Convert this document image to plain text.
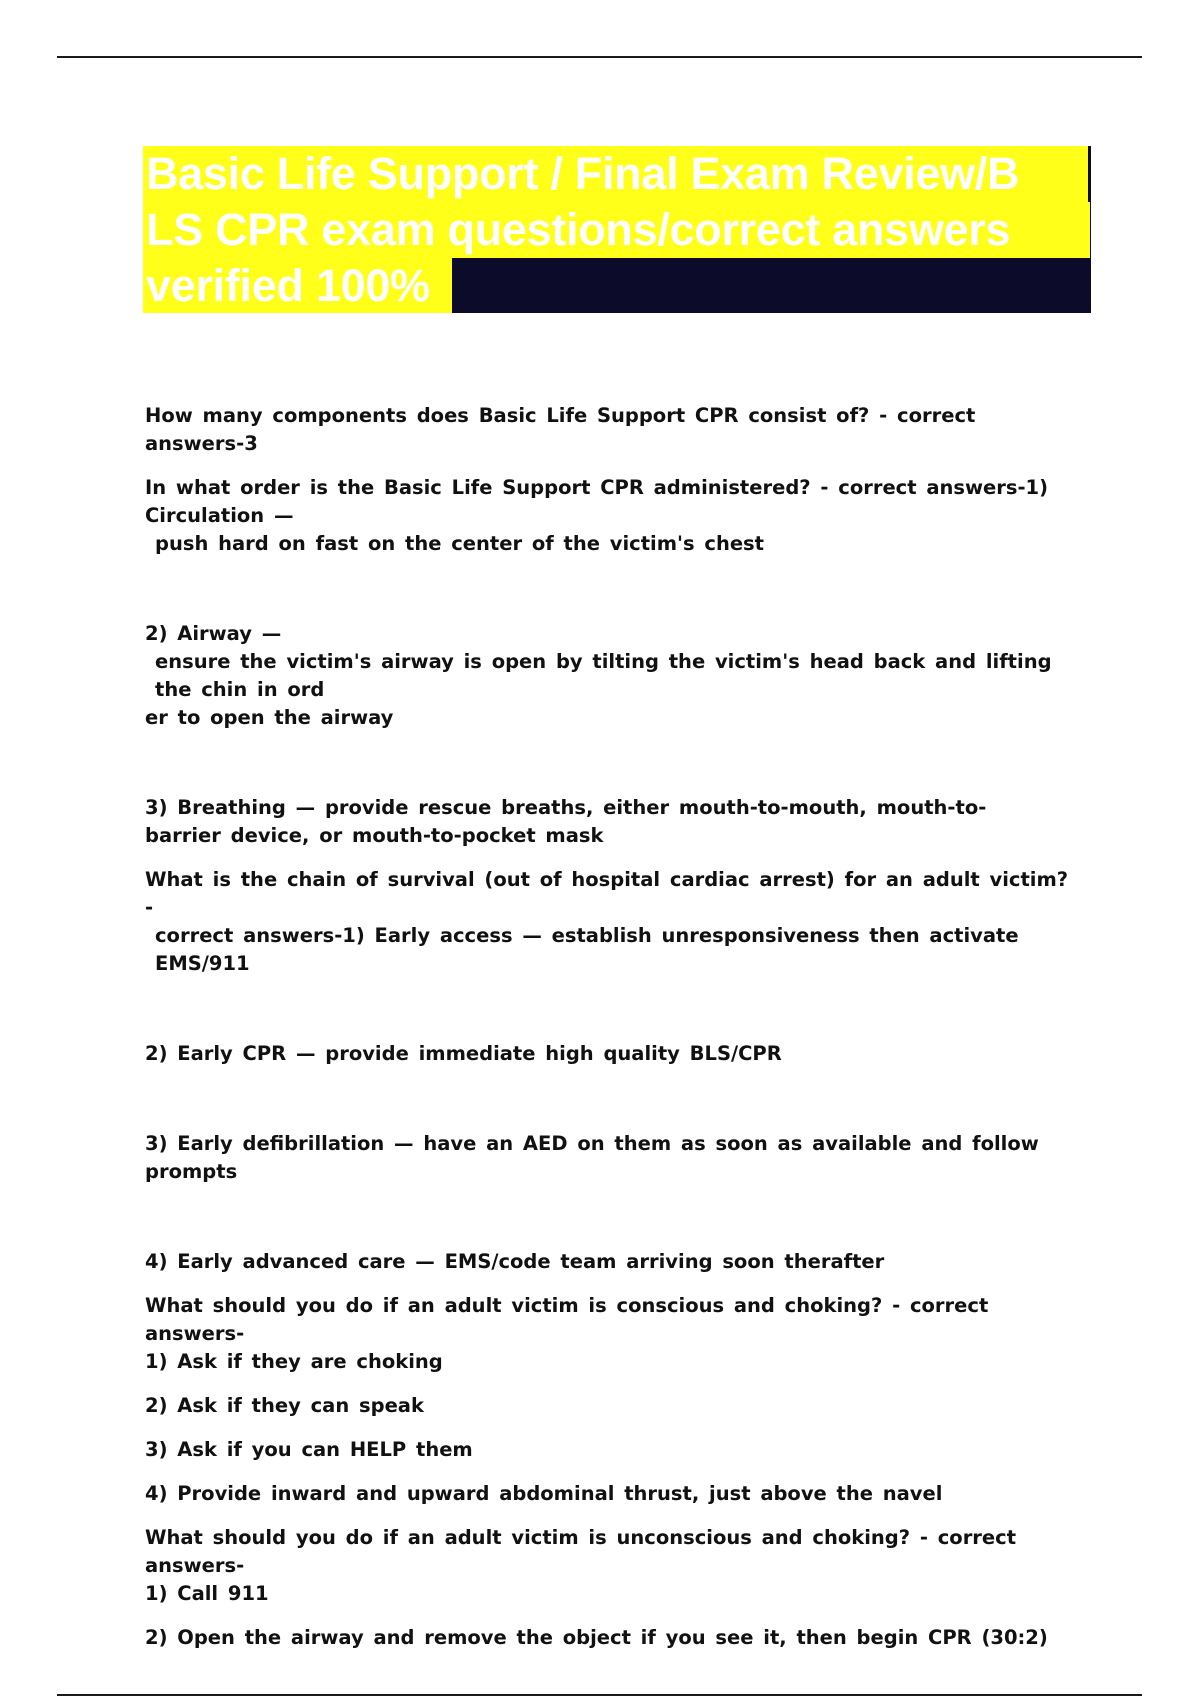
Basic Life Support / Final Exam Review/B
LS CPR exam questions/correct answers
verified 100%

How many components does Basic Life Support CPR consist of? - correct answers-3

In what order is the Basic Life Support CPR administered? - correct answers-1) Circulation —
push hard on fast on the center of the victim's chest

2) Airway —
ensure the victim's airway is open by tilting the victim's head back and lifting the chin in ord
er to open the airway

3) Breathing — provide rescue breaths, either mouth-to-mouth, mouth-to-
barrier device, or mouth-to-pocket mask

What is the chain of survival (out of hospital cardiac arrest) for an adult victim? -
correct answers-1) Early access — establish unresponsiveness then activate EMS/911

2) Early CPR — provide immediate high quality BLS/CPR

3) Early defibrillation — have an AED on them as soon as available and follow prompts

4) Early advanced care — EMS/code team arriving soon therafter

What should you do if an adult victim is conscious and choking? - correct answers-
1) Ask if they are choking

2) Ask if they can speak

3) Ask if you can HELP them

4) Provide inward and upward abdominal thrust, just above the navel

What should you do if an adult victim is unconscious and choking? - correct answers-
1) Call 911

2) Open the airway and remove the object if you see it, then begin CPR (30:2)
